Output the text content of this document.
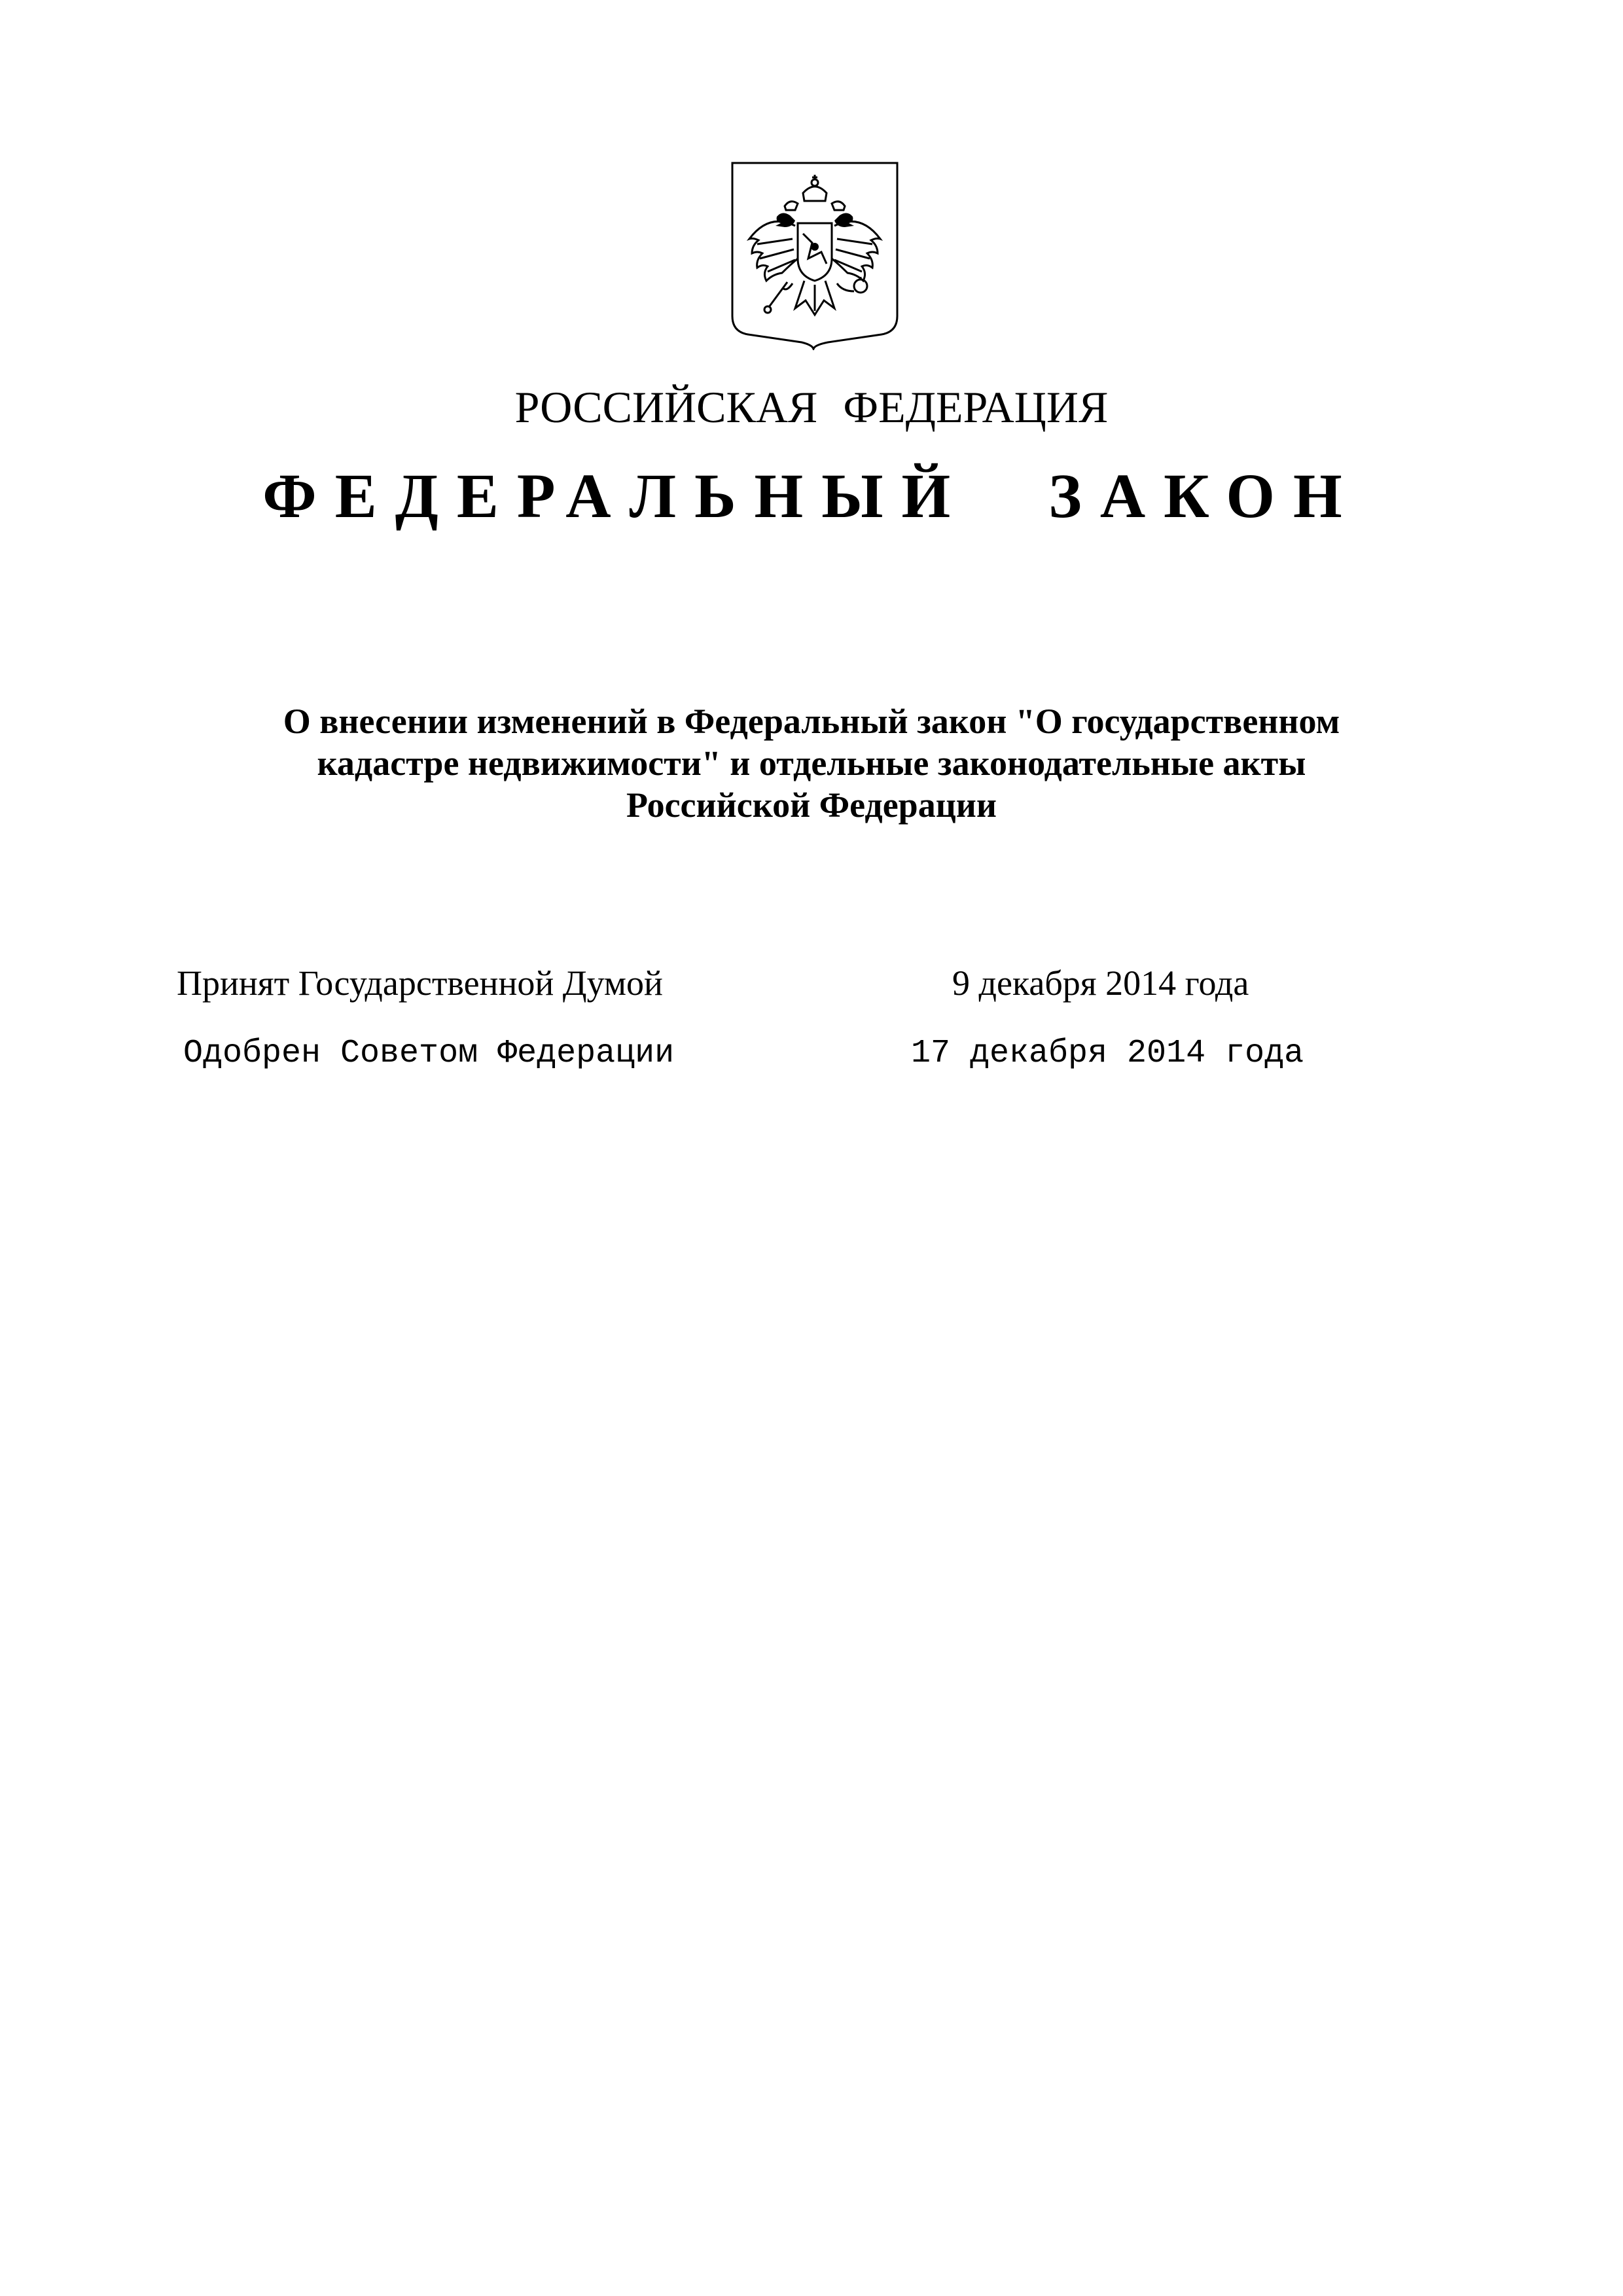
РОССИЙСКАЯ ФЕДЕРАЦИЯ
ФЕДЕРАЛЬНЫЙ ЗАКОН
О внесении изменений в Федеральный закон "О государственном
кадастре недвижимости" и отдельные законодательные акты
Российской Федерации
Принят Государственной Думой	9 декабря 2014 года
Одобрен Советом Федерации	17 декабря 2014 года
